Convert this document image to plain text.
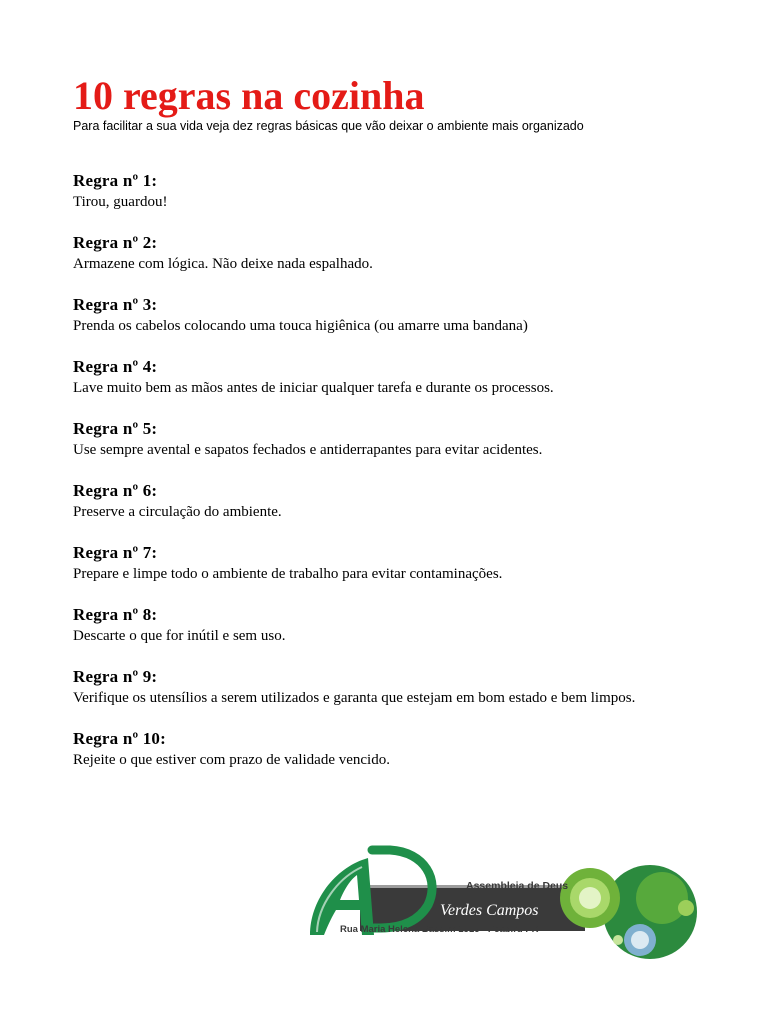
10 regras na cozinha
Para facilitar a sua vida veja dez regras básicas que vão deixar o ambiente mais organizado
Regra nº 1:
Tirou, guardou!
Regra nº 2:
Armazene com lógica. Não deixe nada espalhado.
Regra nº 3:
Prenda os cabelos colocando uma touca higiênica (ou amarre uma bandana)
Regra nº 4:
Lave muito bem as mãos antes de iniciar qualquer tarefa e durante os processos.
Regra nº 5:
Use sempre avental e sapatos fechados e antiderrapantes para evitar acidentes.
Regra nº 6:
Preserve a circulação do ambiente.
Regra nº 7:
Prepare e limpe todo o ambiente de trabalho para evitar contaminações.
Regra nº 8:
Descarte o que for inútil e sem uso.
Regra nº 9:
Verifique os utensílios a serem utilizados e garanta que estejam em bom estado e bem limpos.
Regra nº 10:
Rejeite o que estiver com prazo de validade vencido.
Assembleia de Deus
Verdes Campos
Rua Maria Helena Bassim 1516 - Peabiru PR
